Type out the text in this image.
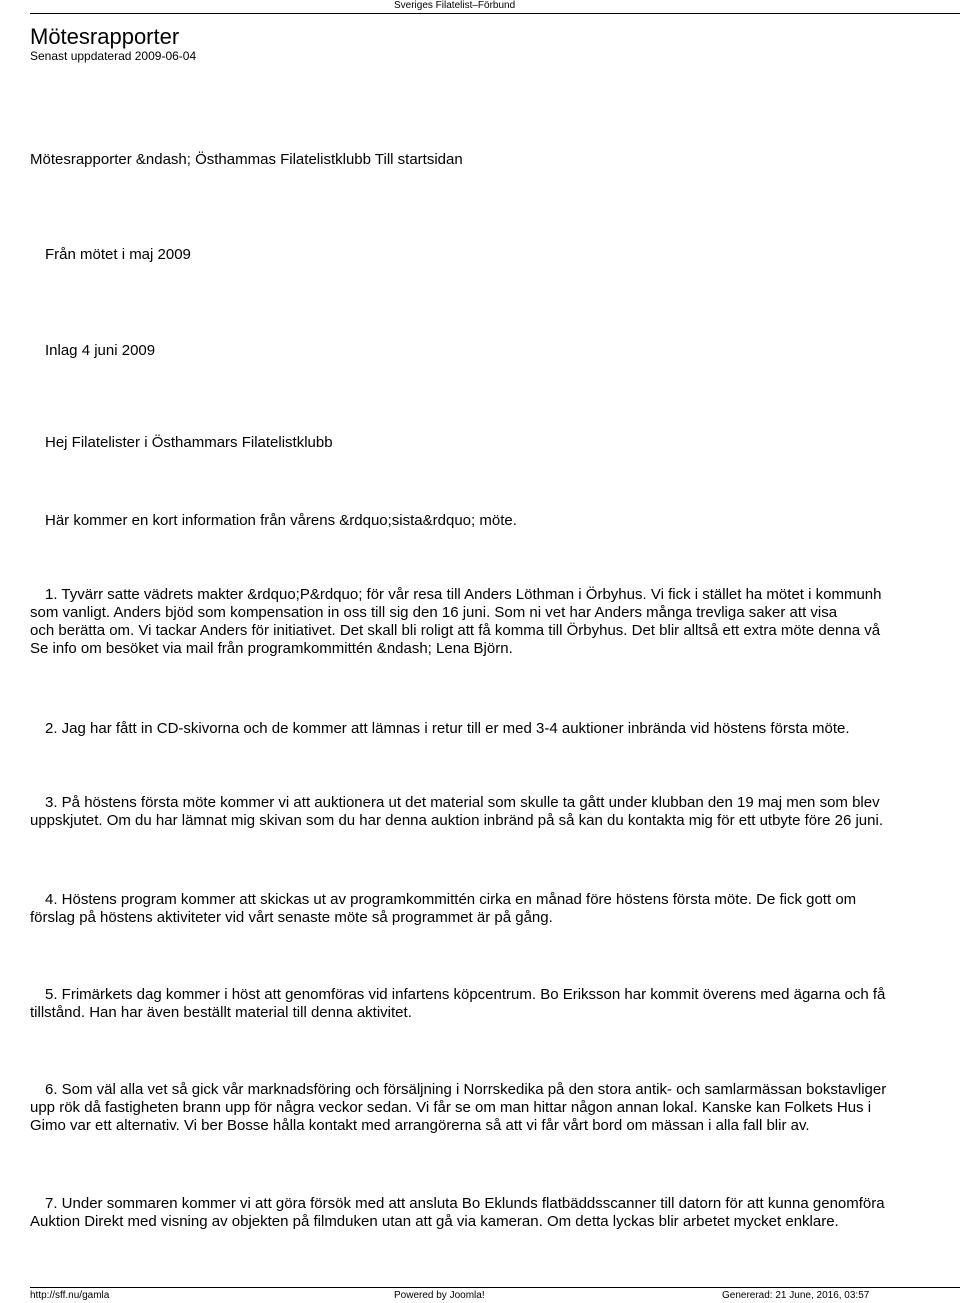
Sveriges Filatelist–Förbund
Mötesrapporter
Senast uppdaterad 2009-06-04
Mötesrapporter &ndash; Östhammas Filatelistklubb Till startsidan
Från mötet i maj 2009
Inlag 4 juni 2009
Hej Filatelister i Östhammars Filatelistklubb
Här kommer en kort information från vårens &rdquo;sista&rdquo; möte.
1. Tyvärr satte vädrets makter &rdquo;P&rdquo; för vår resa till Anders Löthman i Örbyhus. Vi fick i stället ha mötet i kommunh
som vanligt. Anders bjöd som kompensation in oss till sig den 16 juni. Som ni vet har Anders många trevliga saker att visa
och berätta om. Vi tackar Anders för initiativet. Det skall bli roligt att få komma till Örbyhus. Det blir alltså ett extra möte denna vå
Se info om besöket via mail från programkommittén &ndash; Lena Björn.
2. Jag har fått in CD-skivorna och de kommer att lämnas i retur till er med 3-4 auktioner inbrända vid höstens första möte.
3. På höstens första möte kommer vi att auktionera ut det material som skulle ta gått under klubban den 19 maj men som blev
uppskjutet. Om du har lämnat mig skivan som du har denna auktion inbränd på så kan du kontakta mig för ett utbyte före 26 juni.
4. Höstens program kommer att skickas ut av programkommittén cirka en månad före höstens första möte. De fick gott om
förslag på höstens aktiviteter vid vårt senaste möte så programmet är på gång.
5. Frimärkets dag kommer i höst att genomföras vid infartens köpcentrum. Bo Eriksson har kommit överens med ägarna och få
tillstånd. Han har även beställt material till denna aktivitet.
6. Som väl alla vet så gick vår marknadsföring och försäljning i Norrskedika på den stora antik- och samlarmässan bokstavliger
upp rök då fastigheten brann upp för några veckor sedan. Vi får se om man hittar någon annan lokal. Kanske kan Folkets Hus i
Gimo var ett alternativ. Vi ber Bosse hålla kontakt med arrangörerna så att vi får vårt bord om mässan i alla fall blir av.
7. Under sommaren kommer vi att göra försök med att ansluta Bo Eklunds flatbäddsscanner till datorn för att kunna genomföra
Auktion Direkt med visning av objekten på filmduken utan att gå via kameran. Om detta lyckas blir arbetet mycket enklare.
http://sff.nu/gamla	Powered by Joomla!	Genererad: 21 June, 2016, 03:57
